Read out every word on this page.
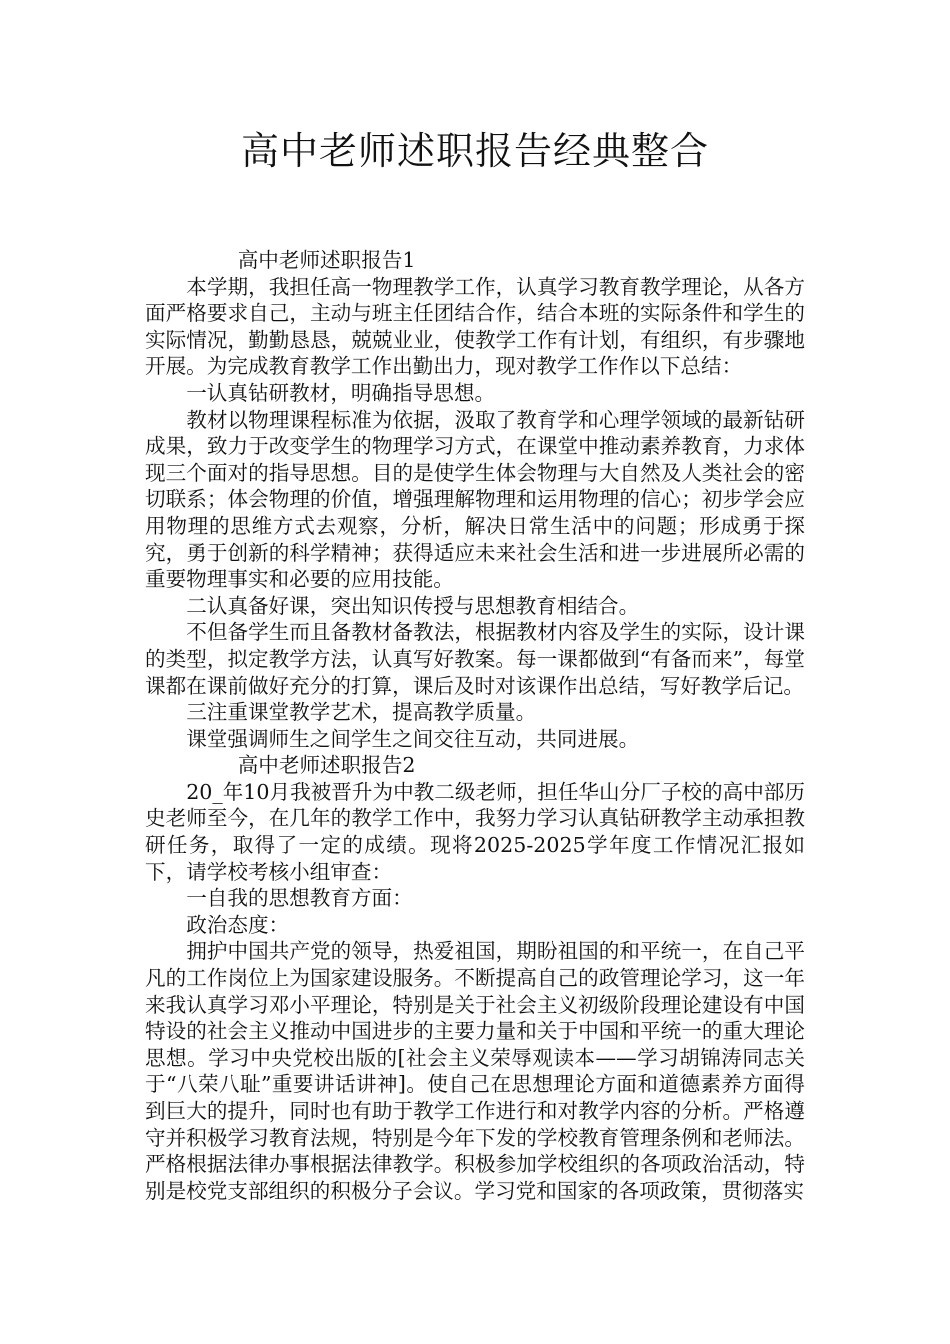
高中老师述职报告经典整合

高中老师述职报告1

本学期，我担任高一物理教学工作，认真学习教育教学理论，从各方面严格要求自己，主动与班主任团结合作，结合本班的实际条件和学生的实际情况，勤勤恳恳，兢兢业业，使教学工作有计划，有组织，有步骤地开展。为完成教育教学工作出勤出力，现对教学工作作以下总结：

一认真钻研教材，明确指导思想。

教材以物理课程标准为依据，汲取了教育学和心理学领域的最新钻研成果，致力于改变学生的物理学习方式，在课堂中推动素养教育，力求体现三个面对的指导思想。目的是使学生体会物理与大自然及人类社会的密切联系；体会物理的价值，增强理解物理和运用物理的信心；初步学会应用物理的思维方式去观察，分析，解决日常生活中的问题；形成勇于探究，勇于创新的科学精神；获得适应未来社会生活和进一步进展所必需的重要物理事实和必要的应用技能。

二认真备好课，突出知识传授与思想教育相结合。

不但备学生而且备教材备教法，根据教材内容及学生的实际，设计课的类型，拟定教学方法，认真写好教案。每一课都做到“有备而来”，每堂课都在课前做好充分的打算，课后及时对该课作出总结，写好教学后记。

三注重课堂教学艺术，提高教学质量。

课堂强调师生之间学生之间交往互动，共同进展。

高中老师述职报告2

20_年10月我被晋升为中教二级老师，担任华山分厂子校的高中部历史老师至今，在几年的教学工作中，我努力学习认真钻研教学主动承担教研任务，取得了一定的成绩。现将2025-2025学年度工作情况汇报如下，请学校考核小组审查：

一自我的思想教育方面：

政治态度：

拥护中国共产党的领导，热爱祖国，期盼祖国的和平统一，在自己平凡的工作岗位上为国家建设服务。不断提高自己的政管理论学习，这一年来我认真学习邓小平理论，特别是关于社会主义初级阶段理论建设有中国特设的社会主义推动中国进步的主要力量和关于中国和平统一的重大理论思想。学习中央党校出版的[社会主义荣辱观读本——学习胡锦涛同志关于“八荣八耻”重要讲话讲神]。使自己在思想理论方面和道德素养方面得到巨大的提升，同时也有助于教学工作进行和对教学内容的分析。严格遵守并积极学习教育法规，特别是今年下发的学校教育管理条例和老师法。严格根据法律办事根据法律教学。积极参加学校组织的各项政治活动，特别是校党支部组织的积极分子会议。学习党和国家的各项政策，贯彻落实
